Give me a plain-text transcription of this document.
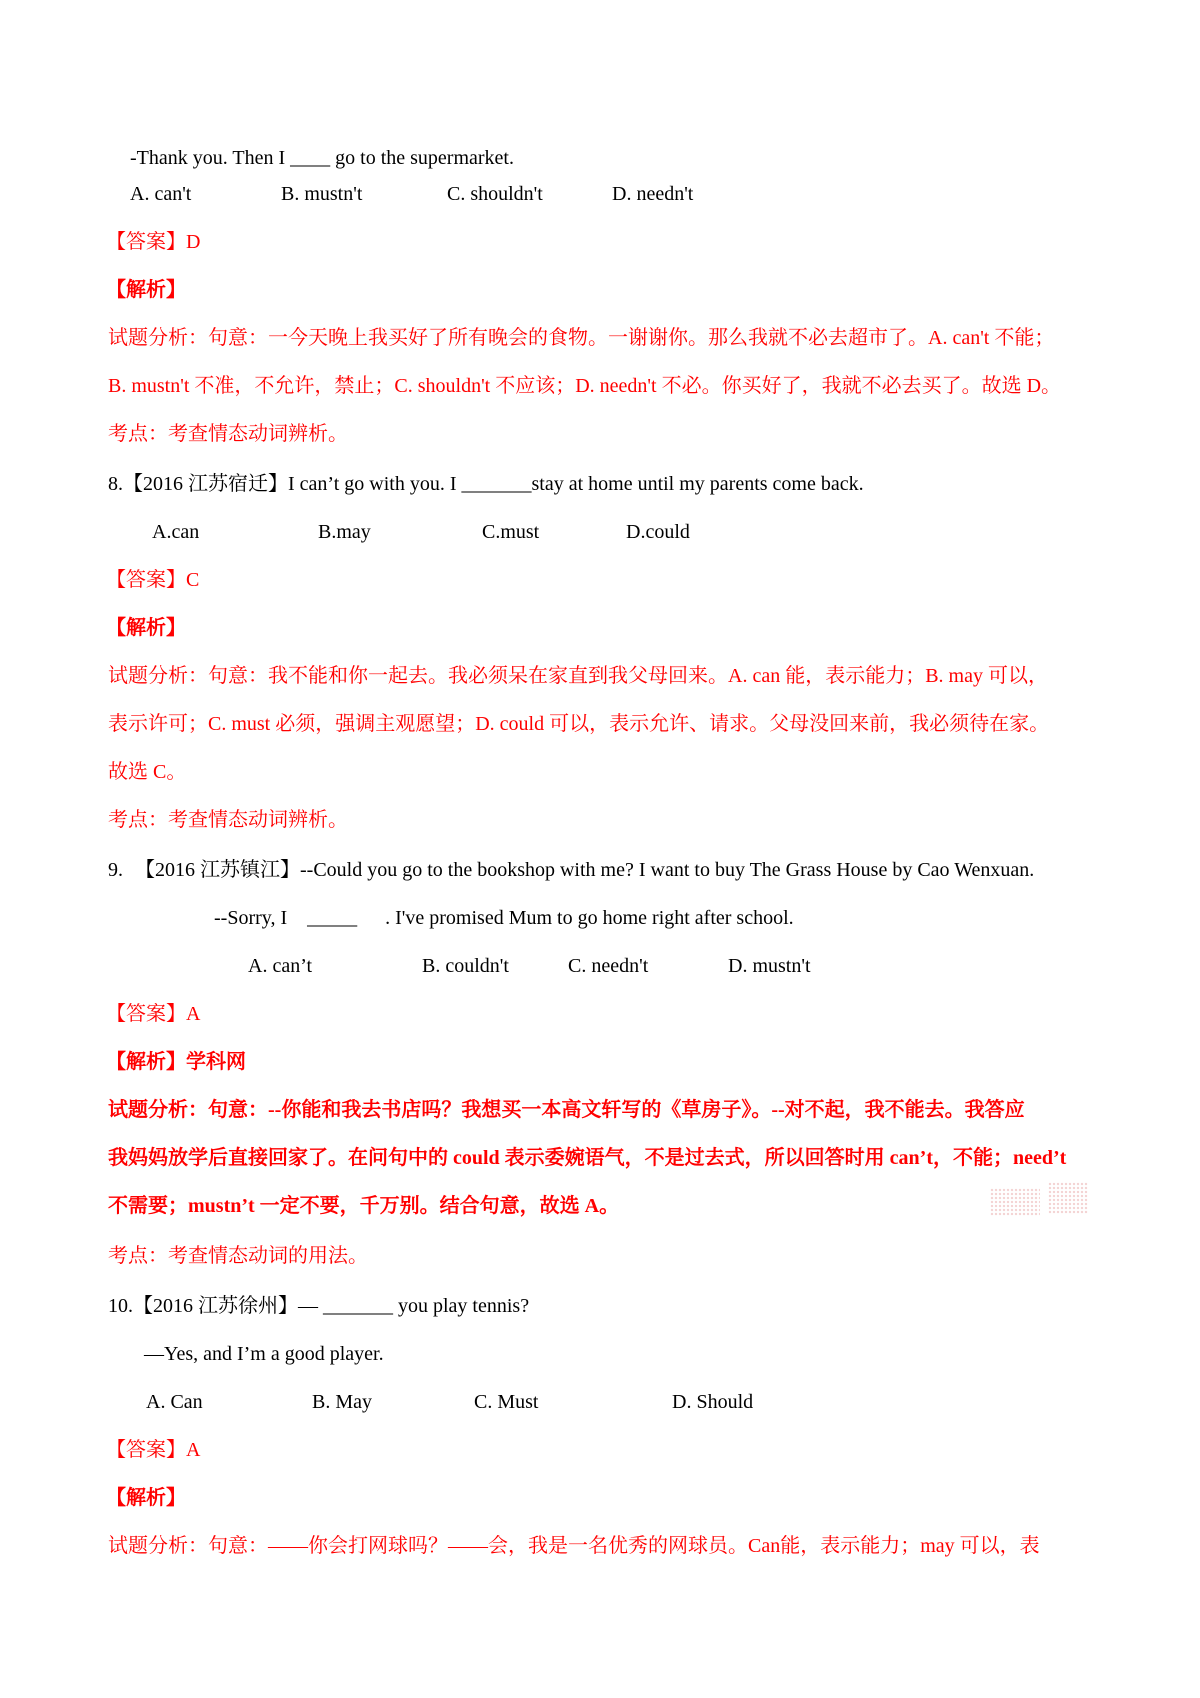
-Thank you. Then I ____ go to the supermarket.
A. can't	B. mustn't	C. shouldn't	D. needn't
【答案】D
【解析】
试题分析：句意：一今天晚上我买好了所有晚会的食物。一谢谢你。那么我就不必去超市了。A. can't 不能；
B. mustn't 不准，不允许，禁止；C. shouldn't 不应该；D. needn't 不必。你买好了，我就不必去买了。故选 D。
考点：考查情态动词辨析。
8.【2016 江苏宿迁】I can’t go with you. I _______stay at home until my parents come back.
A.can	B.may	C.must	D.could
【答案】C
【解析】
试题分析：句意：我不能和你一起去。我必须呆在家直到我父母回来。A. can 能，表示能力；B. may 可以，
表示许可；C. must 必须，强调主观愿望；D. could 可以，表示允许、请求。父母没回来前，我必须待在家。
故选 C。
考点：考查情态动词辨析。
9. 【2016 江苏镇江】--Could you go to the bookshop with me? I want to buy The Grass House by Cao Wenxuan.
--Sorry, I _____ . I've promised Mum to go home right after school.
A. can’t	B. couldn't	C. needn't	D. mustn't
【答案】A
【解析】学科网
试题分析：句意：--你能和我去书店吗？我想买一本高文轩写的《草房子》。--对不起，我不能去。我答应
我妈妈放学后直接回家了。在问句中的 could 表示委婉语气，不是过去式，所以回答时用 can’t，不能；need’t
不需要；mustn’t 一定不要，千万别。结合句意，故选 A。
考点：考查情态动词的用法。
10.【2016 江苏徐州】— _______ you play tennis?
—Yes, and I’m a good player.
A. Can	B. May	C. Must	D. Should
【答案】A
【解析】
试题分析：句意：——你会打网球吗？——会，我是一名优秀的网球员。Can能，表示能力；may 可以，表
